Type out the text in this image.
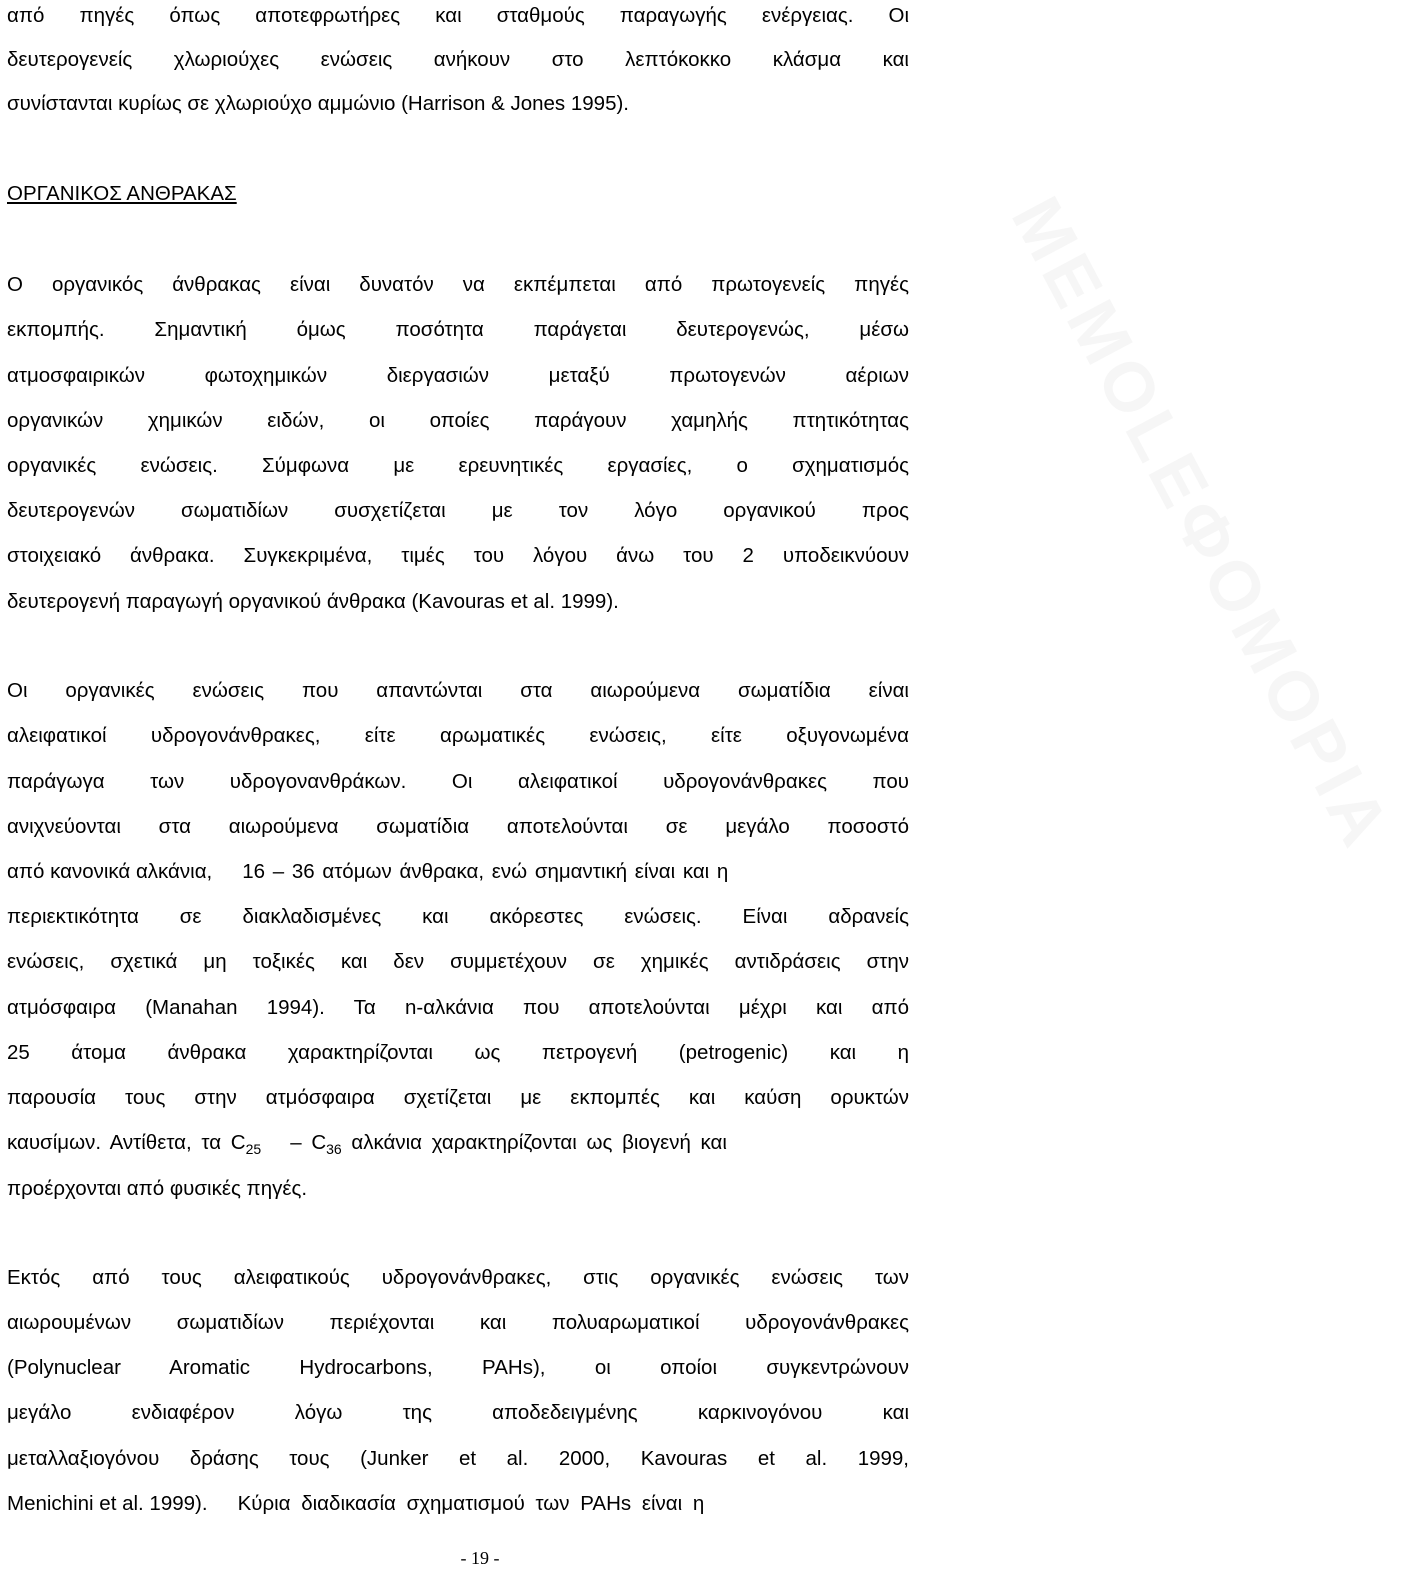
MEMOLEΦOMOPIA
από πηγές όπως αποτεφρωτήρες και σταθμούς παραγωγής ενέργειας. Οι
δευτερογενείς χλωριούχες ενώσεις ανήκουν στο λεπτόκοκκο κλάσμα και
συνίστανται κυρίως σε χλωριούχο αμμώνιο (Harrison & Jones 1995).
ΟΡΓΑΝΙΚΟΣ ΑΝΘΡΑΚΑΣ
Ο οργανικός άνθρακας είναι δυνατόν να εκπέμπεται από πρωτογενείς πηγές
εκπομπής. Σημαντική όμως ποσότητα παράγεται δευτερογενώς, μέσω
ατμοσφαιρικών φωτοχημικών διεργασιών μεταξύ πρωτογενών αέριων
οργανικών χημικών ειδών, οι οποίες παράγουν χαμηλής πτητικότητας
οργανικές ενώσεις. Σύμφωνα με ερευνητικές εργασίες, ο σχηματισμός
δευτερογενών σωματιδίων συσχετίζεται με τον λόγο οργανικού προς
στοιχειακό άνθρακα. Συγκεκριμένα, τιμές του λόγου άνω του 2 υποδεικνύουν
δευτερογενή παραγωγή οργανικού άνθρακα (Kavouras et al. 1999).
Οι οργανικές ενώσεις που απαντώνται στα αιωρούμενα σωματίδια είναι
αλειφατικοί υδρογονάνθρακες, είτε αρωματικές ενώσεις, είτε οξυγονωμένα
παράγωγα των υδρογονανθράκων. Οι αλειφατικοί υδρογονάνθρακες που
ανιχνεύονται στα αιωρούμενα σωματίδια αποτελούνται σε μεγάλο ποσοστό
από κανονικά αλκάνια, 16 – 36 ατόμων άνθρακα, ενώ σημαντική είναι και η
περιεκτικότητα σε διακλαδισμένες και ακόρεστες ενώσεις. Είναι αδρανείς
ενώσεις, σχετικά μη τοξικές και δεν συμμετέχουν σε χημικές αντιδράσεις στην
ατμόσφαιρα (Manahan 1994). Τα n-αλκάνια που αποτελούνται μέχρι και από
25 άτομα άνθρακα χαρακτηρίζονται ως πετρογενή (petrogenic) και η
παρουσία τους στην ατμόσφαιρα σχετίζεται με εκπομπές και καύση ορυκτών
καυσίμων. Αντίθετα, τα $C_{25} - C_{36}$ αλκάνια χαρακτηρίζονται ως βιογενή και
προέρχονται από φυσικές πηγές.
Εκτός από τους αλειφατικούς υδρογονάνθρακες, στις οργανικές ενώσεις των
αιωρουμένων σωματιδίων περιέχονται και πολυαρωματικοί υδρογονάνθρακες
(Polynuclear Aromatic Hydrocarbons, PAHs), οι οποίοι συγκεντρώνουν
μεγάλο ενδιαφέρον λόγω της αποδεδειγμένης καρκινογόνου και
μεταλλαξιογόνου δράσης τους (Junker et al. 2000, Kavouras et al. 1999,
Menichini et al. 1999). Κύρια διαδικασία σχηματισμού των PAHs είναι η
- 19 -
